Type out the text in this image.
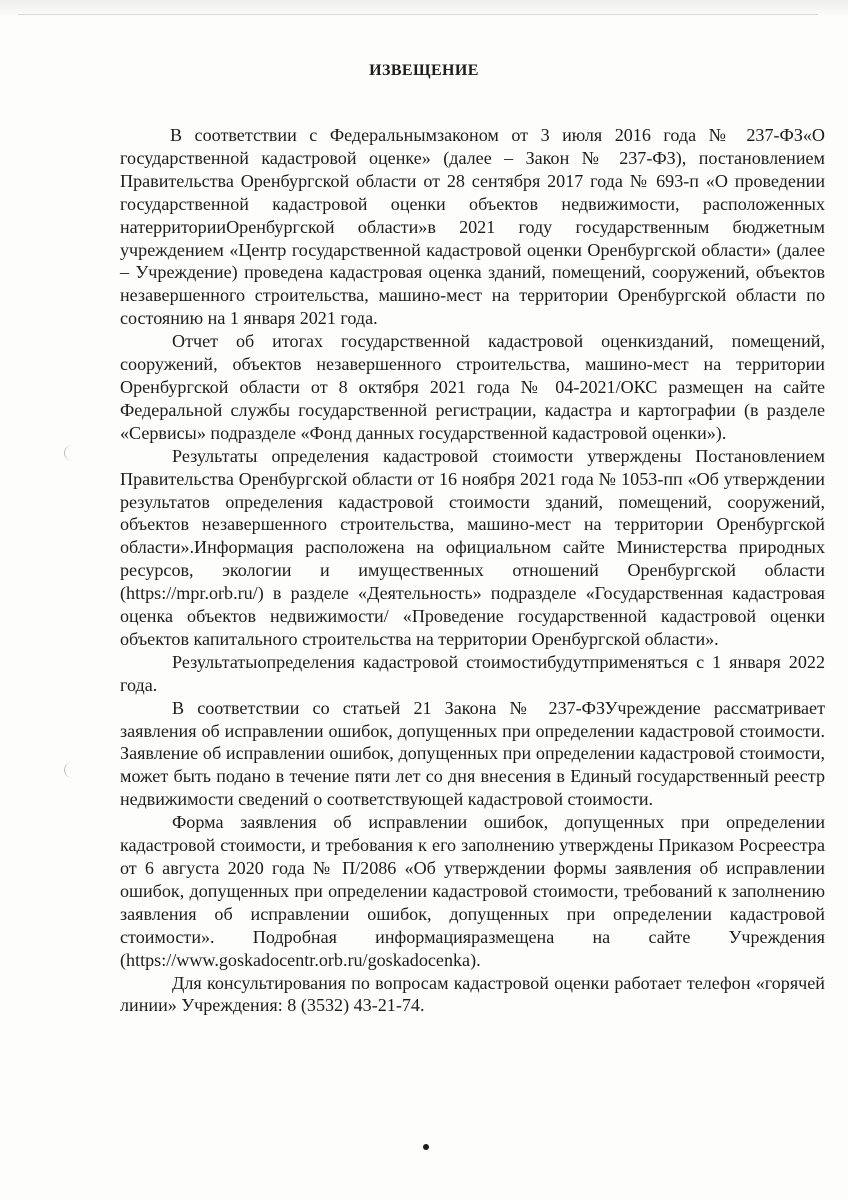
ИЗВЕЩЕНИЕ

В соответствии с Федеральнымзаконом от 3 июля 2016 года № 237-ФЗ«О государственной кадастровой оценке» (далее – Закон № 237-ФЗ), постановлением Правительства Оренбургской области от 28 сентября 2017 года № 693-п «О проведении государственной кадастровой оценки объектов недвижимости, расположенных натерриторииОренбургской области»в 2021 году государственным бюджетным учреждением «Центр государственной кадастровой оценки Оренбургской области» (далее – Учреждение) проведена кадастровая оценка зданий, помещений, сооружений, объектов незавершенного строительства, машино-мест на территории Оренбургской области по состоянию на 1 января 2021 года.

Отчет об итогах государственной кадастровой оценкизданий, помещений, сооружений, объектов незавершенного строительства, машино-мест на территории Оренбургской области от 8 октября 2021 года № 04-2021/ОКС размещен на сайте Федеральной службы государственной регистрации, кадастра и картографии (в разделе «Сервисы» подразделе «Фонд данных государственной кадастровой оценки»).

Результаты определения кадастровой стоимости утверждены Постановлением Правительства Оренбургской области от 16 ноября 2021 года № 1053-пп «Об утверждении результатов определения кадастровой стоимости зданий, помещений, сооружений, объектов незавершенного строительства, машино-мест на территории Оренбургской области».Информация расположена на официальном сайте Министерства природных ресурсов, экологии и имущественных отношений Оренбургской области (https://mpr.orb.ru/) в разделе «Деятельность» подразделе «Государственная кадастровая оценка объектов недвижимости/ «Проведение государственной кадастровой оценки объектов капитального строительства на территории Оренбургской области».

Результатыопределения кадастровой стоимостибудутприменяться с 1 января 2022 года.

В соответствии со статьей 21 Закона № 237-ФЗУчреждение рассматривает заявления об исправлении ошибок, допущенных при определении кадастровой стоимости. Заявление об исправлении ошибок, допущенных при определении кадастровой стоимости, может быть подано в течение пяти лет со дня внесения в Единый государственный реестр недвижимости сведений о соответствующей кадастровой стоимости.

Форма заявления об исправлении ошибок, допущенных при определении кадастровой стоимости, и требования к его заполнению утверждены Приказом Росреестра от 6 августа 2020 года № П/2086 «Об утверждении формы заявления об исправлении ошибок, допущенных при определении кадастровой стоимости, требований к заполнению заявления об исправлении ошибок, допущенных при определении кадастровой стоимости». Подробная информацияразмещена на сайте Учреждения (https://www.goskadocentr.orb.ru/goskadocenka).

Для консультирования по вопросам кадастровой оценки работает телефон «горячей линии» Учреждения: 8 (3532) 43-21-74.
